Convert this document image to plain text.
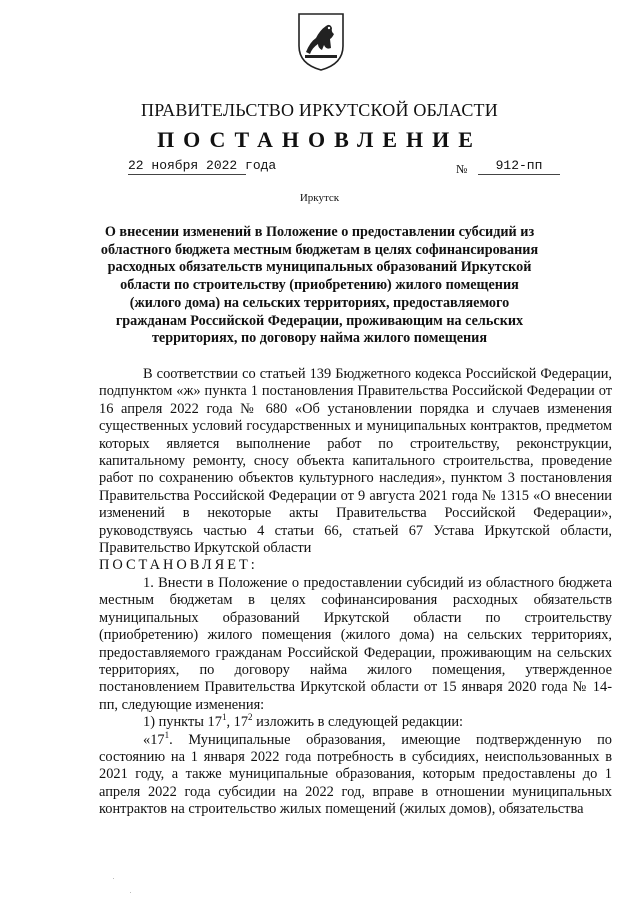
ПРАВИТЕЛЬСТВО ИРКУТСКОЙ ОБЛАСТИ
ПОСТАНОВЛЕНИЕ
22 ноября 2022 года	№	912-пп
Иркутск
О внесении изменений в Положение о предоставлении субсидий из областного бюджета местным бюджетам в целях софинансирования расходных обязательств муниципальных образований Иркутской области по строительству (приобретению) жилого помещения (жилого дома) на сельских территориях, предоставляемого гражданам Российской Федерации, проживающим на сельских территориях, по договору найма жилого помещения

В соответствии со статьей 139 Бюджетного кодекса Российской Федерации, подпунктом «ж» пункта 1 постановления Правительства Российской Федерации от 16 апреля 2022 года № 680 «Об установлении порядка и случаев изменения существенных условий государственных и муниципальных контрактов, предметом которых является выполнение работ по строительству, реконструкции, капитальному ремонту, сносу объекта капитального строительства, проведение работ по сохранению объектов культурного наследия», пунктом 3 постановления Правительства Российской Федерации от 9 августа 2021 года № 1315 «О внесении изменений в некоторые акты Правительства Российской Федерации», руководствуясь частью 4 статьи 66, статьей 67 Устава Иркутской области, Правительство Иркутской области

ПОСТАНОВЛЯЕТ:

1. Внести в Положение о предоставлении субсидий из областного бюджета местным бюджетам в целях софинансирования расходных обязательств муниципальных образований Иркутской области по строительству (приобретению) жилого помещения (жилого дома) на сельских территориях, предоставляемого гражданам Российской Федерации, проживающим на сельских территориях, по договору найма жилого помещения, утвержденное постановлением Правительства Иркутской области от 15 января 2020 года № 14-пп, следующие изменения:

1) пункты $17^1$, $17^2$ изложить в следующей редакции:

«$17^1$. Муниципальные образования, имеющие подтвержденную по состоянию на 1 января 2022 года потребность в субсидиях, неиспользованных в 2021 году, а также муниципальные образования, которым предоставлены до 1 апреля 2022 года субсидии на 2022 год, вправе в отношении муниципальных контрактов на строительство жилых помещений (жилых домов), обязательства
